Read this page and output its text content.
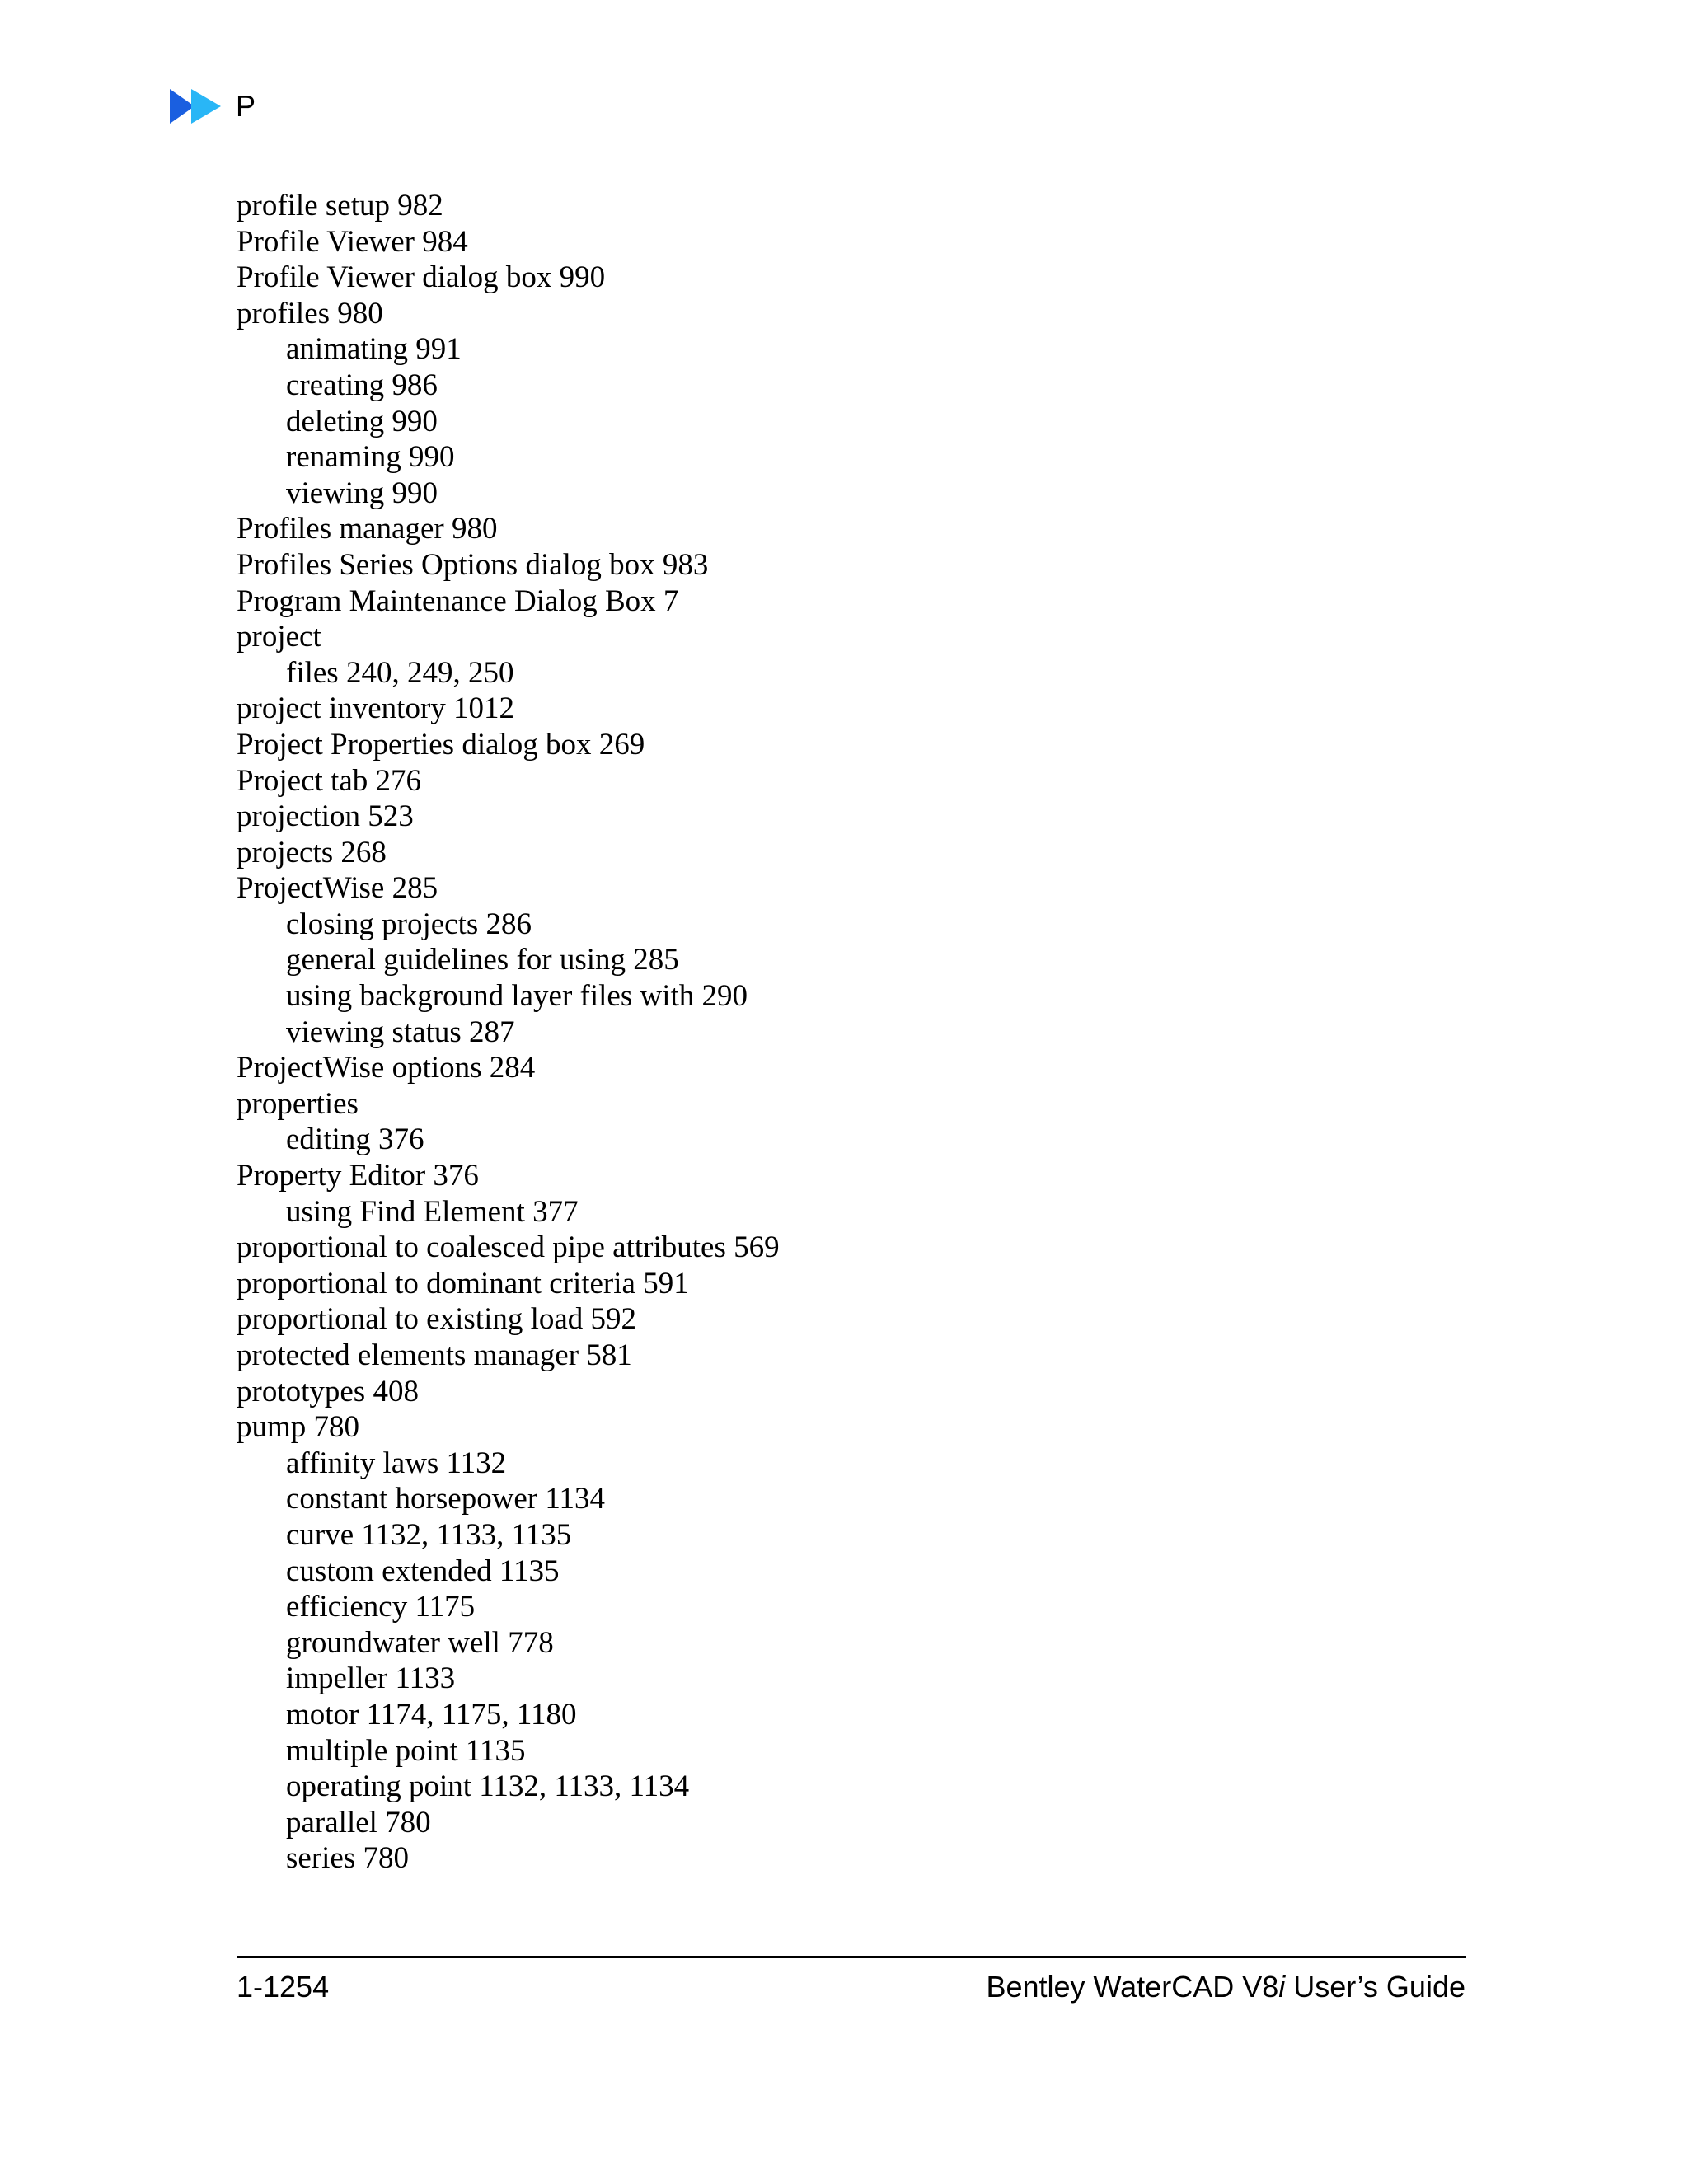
P
profile setup 982
Profile Viewer 984
Profile Viewer dialog box 990
profiles 980
animating 991
creating 986
deleting 990
renaming 990
viewing 990
Profiles manager 980
Profiles Series Options dialog box 983
Program Maintenance Dialog Box 7
project
files 240, 249, 250
project inventory 1012
Project Properties dialog box 269
Project tab 276
projection 523
projects 268
ProjectWise 285
closing projects 286
general guidelines for using 285
using background layer files with 290
viewing status 287
ProjectWise options 284
properties
editing 376
Property Editor 376
using Find Element 377
proportional to coalesced pipe attributes 569
proportional to dominant criteria 591
proportional to existing load 592
protected elements manager 581
prototypes 408
pump 780
affinity laws 1132
constant horsepower 1134
curve 1132, 1133, 1135
custom extended 1135
efficiency 1175
groundwater well 778
impeller 1133
motor 1174, 1175, 1180
multiple point 1135
operating point 1132, 1133, 1134
parallel 780
series 780
1-1254	Bentley WaterCAD V8i User’s Guide
